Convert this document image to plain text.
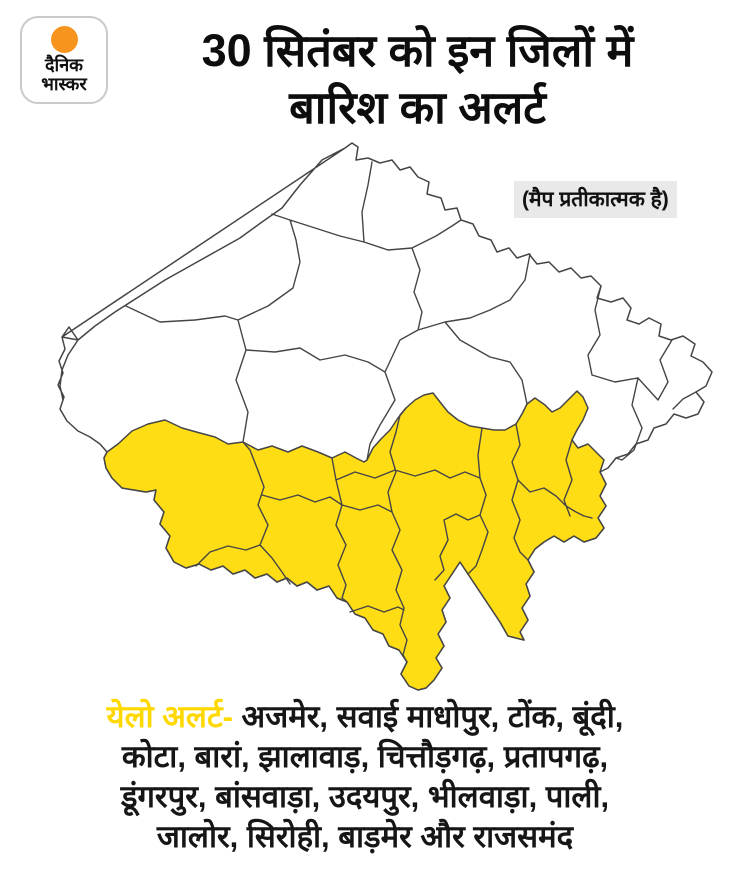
दैनिक
भास्कर
30 सितंबर को इन जिलों में
बारिश का अलर्ट
(मैप प्रतीकात्मक है)
येलो अलर्ट- अजमेर, सवाई माधोपुर, टोंक, बूंदी,
कोटा, बारां, झालावाड़, चित्तौड़गढ़, प्रतापगढ़,
डूंगरपुर, बांसवाड़ा, उदयपुर, भीलवाड़ा, पाली,
जालोर, सिरोही, बाड़मेर और राजसमंद
